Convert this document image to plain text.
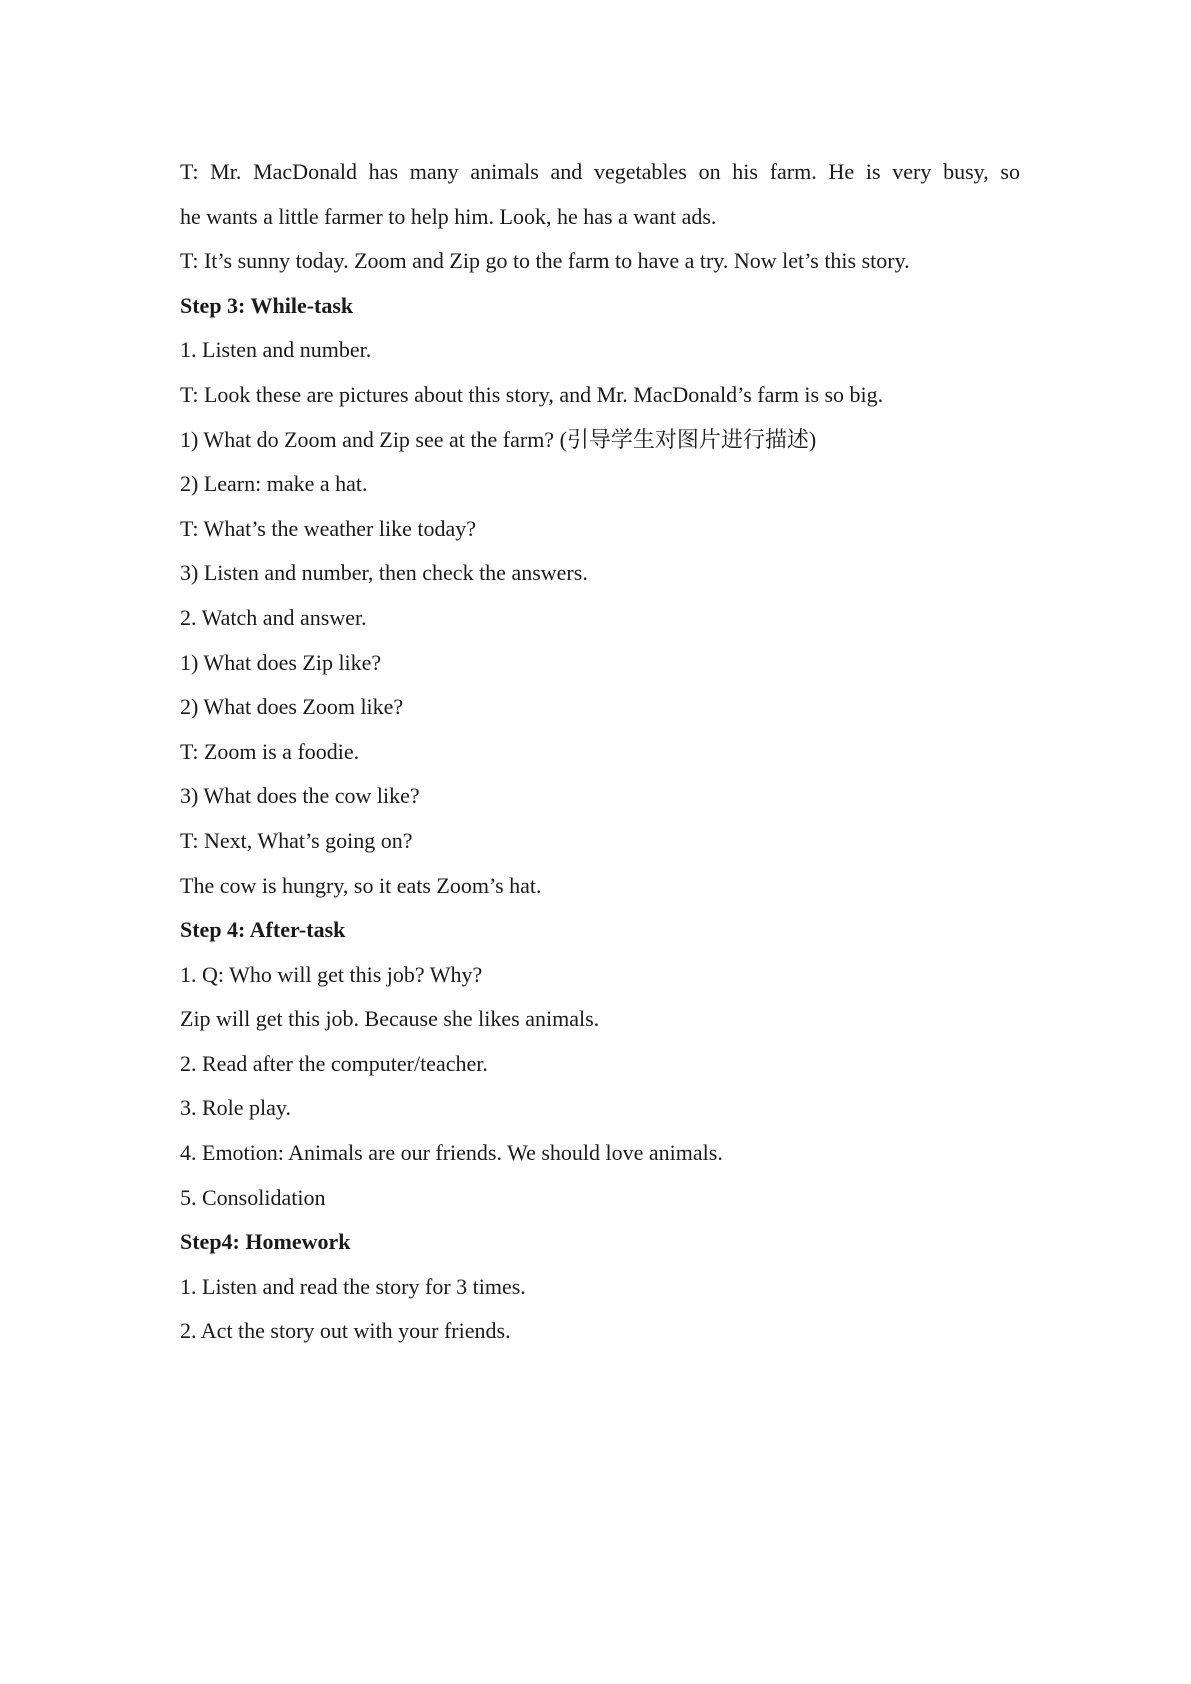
T: Mr. MacDonald has many animals and vegetables on his farm. He is very busy, so

he wants a little farmer to help him. Look, he has a want ads.

T: It’s sunny today. Zoom and Zip go to the farm to have a try. Now let’s this story.

Step 3: While-task

1. Listen and number.

T: Look these are pictures about this story, and Mr. MacDonald’s farm is so big.

1) What do Zoom and Zip see at the farm? (引导学生对图片进行描述)

2) Learn: make a hat.

T: What’s the weather like today?

3) Listen and number, then check the answers.

2. Watch and answer.

1) What does Zip like?

2) What does Zoom like?

T: Zoom is a foodie.

3) What does the cow like?

T: Next, What’s going on?

The cow is hungry, so it eats Zoom’s hat.

Step 4: After-task

1. Q: Who will get this job? Why?

Zip will get this job. Because she likes animals.

2. Read after the computer/teacher.

3. Role play.

4. Emotion: Animals are our friends. We should love animals.

5. Consolidation

Step4: Homework

1. Listen and read the story for 3 times.

2. Act the story out with your friends.
